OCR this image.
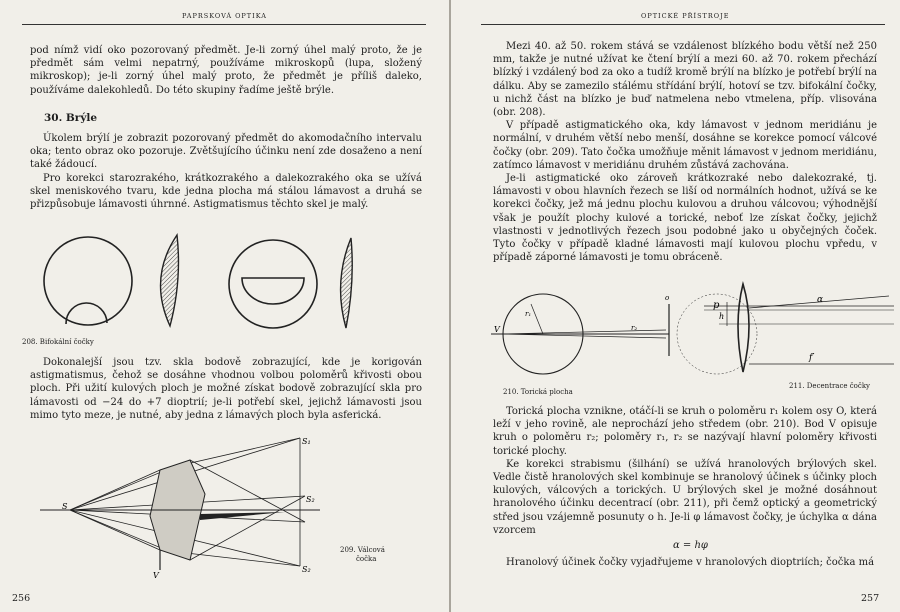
PAPRSKOVÁ OPTIKA

pod nímž vidí oko pozorovaný předmět. Je-li zorný úhel malý proto, že je předmět sám velmi nepatrný, používáme mikroskopů (lupa, složený mikroskop); je-li zorný úhel malý proto, že předmět je příliš daleko, používáme dalekohledů. Do této skupiny řadíme ještě brýle.

30. Brýle

Úkolem brýlí je zobrazit pozorovaný předmět do akomodačního intervalu oka; tento obraz oko pozoruje. Zvětšujícího účinku není zde dosaženo a není také žádoucí.

Pro korekci starozrakého, krátkozrakého a dalekozrakého oka se užívá skel meniskového tvaru, kde jedna plocha má stálou lámavost a druhá se přizpůsobuje lámavosti úhrnné. Astigmatismus těchto skel je malý.

208. Bifokální čočky

Dokonalejší jsou tzv. skla bodově zobrazující, kde je korigován astigmatismus, čehož se dosáhne vhodnou volbou poloměrů křivosti obou ploch. Při užití kulových ploch je možné získat bodově zobrazující skla pro lámavosti od −24 do +7 dioptrií; je-li potřebí skel, jejichž lámavosti jsou mimo tyto meze, je nutné, aby jedna z lámavých ploch byla asferická.

S
S₁
S₂
S₂
V
209. Válcová
čočka
256
OPTICKÉ PŘÍSTROJE

Mezi 40. až 50. rokem stává se vzdálenost blízkého bodu větší než 250 mm, takže je nutné užívat ke čtení brýlí a mezi 60. až 70. rokem přechází blízký i vzdálený bod za oko a tudíž kromě brýlí na blízko je potřebí brýlí na dálku. Aby se zamezilo stálému střídání brýlí, hotoví se tzv. bifokální čočky, u nichž část na blízko je buď natmelena nebo vtmelena, příp. vlisována (obr. 208).

V případě astigmatického oka, kdy lámavost v jednom meridiánu je normální, v druhém větší nebo menší, dosáhne se korekce pomocí válcové čočky (obr. 209). Tato čočka umožňuje měnit lámavost v jednom meridiánu, zatímco lámavost v meridiánu druhém zůstává zachována.

Je-li astigmatické oko zároveň krátkozraké nebo dalekozraké, tj. lámavosti v obou hlavních řezech se liší od normálních hodnot, užívá se ke korekci čočky, jež má jednu plochu kulovou a druhou válcovou; výhodnější však je použít plochy kulové a torické, neboť lze získat čočky, jejichž vlastnosti v jednotlivých řezech jsou podobné jako u obyčejných čoček. Tyto čočky v případě kladné lámavosti mají kulovou plochu vpředu, v případě záporné lámavosti je tomu obráceně.

V
r₁
r₂
o
210. Torická plocha
p
h
α
f′
211. Decentrace čočky

Torická plocha vznikne, otáčí-li se kruh o poloměru r₁ kolem osy O, která leží v jeho rovině, ale neprochází jeho středem (obr. 210). Bod V opisuje kruh o poloměru r₂; poloměry r₁, r₂ se nazývají hlavní poloměry křivosti torické plochy.

Ke korekci strabismu (šilhání) se užívá hranolových brýlových skel. Vedle čistě hranolových skel kombinuje se hranolový účinek s účinky ploch kulových, válcových a torických. U brýlových skel je možné dosáhnout hranolového účinku decentrací (obr. 211), při čemž optický a geometrický střed jsou vzájemně posunuty o h. Je-li φ lámavost čočky, je úchylka α dána vzorcem

α = hφ

Hranolový účinek čočky vyjadřujeme v hranolových dioptriích; čočka má

257
